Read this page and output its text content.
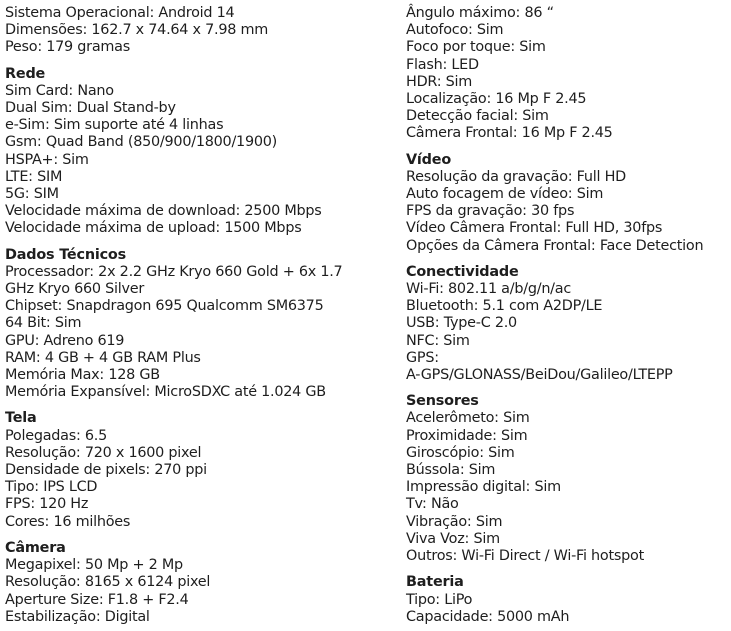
Sistema Operacional: Android 14
Dimensões: 162.7 x 74.64 x 7.98 mm
Peso: 179 gramas
Rede
Sim Card: Nano
Dual Sim: Dual Stand-by
e-Sim: Sim suporte até 4 linhas
Gsm: Quad Band (850/900/1800/1900)
HSPA+: Sim
LTE: SIM
5G: SIM
Velocidade máxima de download: 2500 Mbps
Velocidade máxima de upload: 1500 Mbps
Dados Técnicos
Processador: 2x 2.2 GHz Kryo 660 Gold + 6x 1.7
GHz Kryo 660 Silver
Chipset: Snapdragon 695 Qualcomm SM6375
64 Bit: Sim
GPU: Adreno 619
RAM: 4 GB + 4 GB RAM Plus
Memória Max: 128 GB
Memória Expansível: MicroSDXC até 1.024 GB
Tela
Polegadas: 6.5
Resolução: 720 x 1600 pixel
Densidade de pixels: 270 ppi
Tipo: IPS LCD
FPS: 120 Hz
Cores: 16 milhões
Câmera
Megapixel: 50 Mp + 2 Mp
Resolução: 8165 x 6124 pixel
Aperture Size: F1.8 + F2.4
Estabilização: Digital
Ângulo máximo: 86 “
Autofoco: Sim
Foco por toque: Sim
Flash: LED
HDR: Sim
Localização: 16 Mp F 2.45
Detecção facial: Sim
Câmera Frontal: 16 Mp F 2.45
Vídeo
Resolução da gravação: Full HD
Auto focagem de vídeo: Sim
FPS da gravação: 30 fps
Vídeo Câmera Frontal: Full HD, 30fps
Opções da Câmera Frontal: Face Detection
Conectividade
Wi-Fi: 802.11 a/b/g/n/ac
Bluetooth: 5.1 com A2DP/LE
USB: Type-C 2.0
NFC: Sim
GPS:
A-GPS/GLONASS/BeiDou/Galileo/LTEPP
Sensores
Acelerômeto: Sim
Proximidade: Sim
Giroscópio: Sim
Bússola: Sim
Impressão digital: Sim
Tv: Não
Vibração: Sim
Viva Voz: Sim
Outros: Wi-Fi Direct / Wi-Fi hotspot
Bateria
Tipo: LiPo
Capacidade: 5000 mAh
